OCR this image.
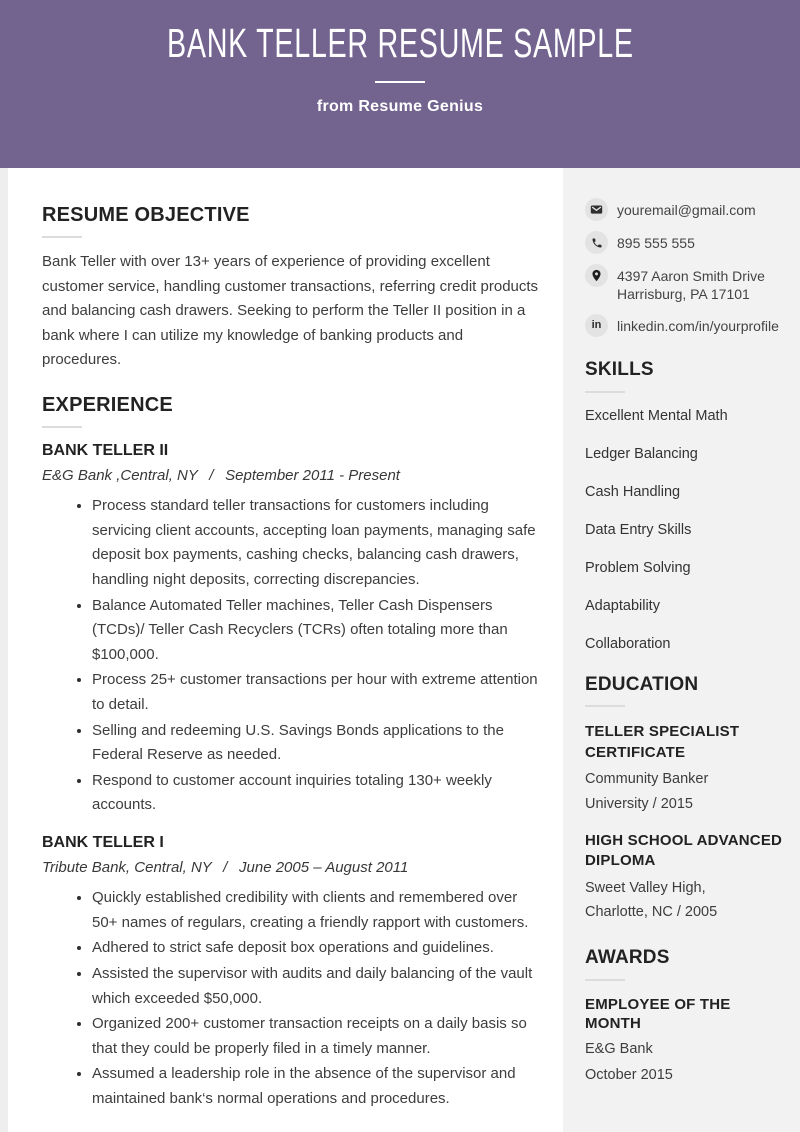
BANK TELLER RESUME SAMPLE
from Resume Genius
RESUME OBJECTIVE
Bank Teller with over 13+ years of experience of providing excellent customer service, handling customer transactions, referring credit products and balancing cash drawers. Seeking to perform the Teller II position in a bank where I can utilize my knowledge of banking products and procedures.
EXPERIENCE
BANK TELLER II
E&G Bank ,Central, NY  /  September 2011 - Present
• Process standard teller transactions for customers including servicing client accounts, accepting loan payments, managing safe deposit box payments, cashing checks, balancing cash drawers, handling night deposits, correcting discrepancies.
• Balance Automated Teller machines, Teller Cash Dispensers (TCDs)/ Teller Cash Recyclers (TCRs) often totaling more than $100,000.
• Process 25+ customer transactions per hour with extreme attention to detail.
• Selling and redeeming U.S. Savings Bonds applications to the Federal Reserve as needed.
• Respond to customer account inquiries totaling 130+ weekly accounts.
BANK TELLER I
Tribute Bank, Central, NY  /  June 2005 – August 2011
• Quickly established credibility with clients and remembered over 50+ names of regulars, creating a friendly rapport with customers.
• Adhered to strict safe deposit box operations and guidelines.
• Assisted the supervisor with audits and daily balancing of the vault which exceeded $50,000.
• Organized 200+ customer transaction receipts on a daily basis so that they could be properly filed in a timely manner.
• Assumed a leadership role in the absence of the supervisor and maintained bank‘s normal operations and procedures.
youremail@gmail.com
895 555 555
4397 Aaron Smith Drive
Harrisburg, PA 17101
in linkedin.com/in/yourprofile
SKILLS
Excellent Mental Math
Ledger Balancing
Cash Handling
Data Entry Skills
Problem Solving
Adaptability
Collaboration
EDUCATION
TELLER SPECIALIST CERTIFICATE
Community Banker University / 2015
HIGH SCHOOL ADVANCED DIPLOMA
Sweet Valley High, Charlotte, NC / 2005
AWARDS
EMPLOYEE OF THE MONTH
E&G Bank
October 2015
